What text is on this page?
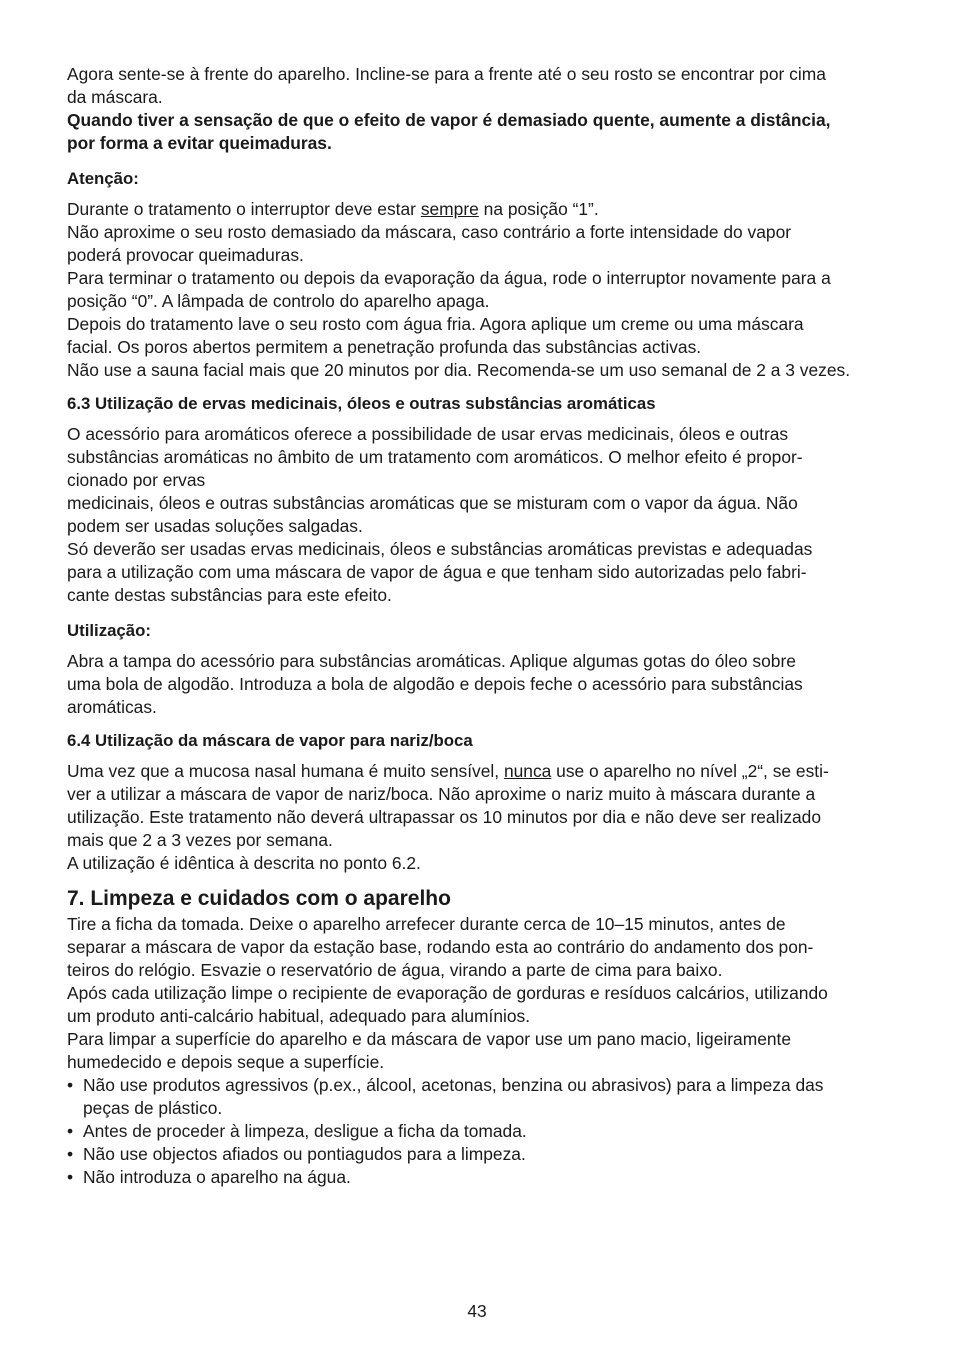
Agora sente-se à frente do aparelho. Incline-se para a frente até o seu rosto se encontrar por cima

da máscara.

Quando tiver a sensação de que o efeito de vapor é demasiado quente, aumente a distância,

por forma a evitar queimaduras.

Atenção:

Durante o tratamento o interruptor deve estar sempre na posição “1”.

Não aproxime o seu rosto demasiado da máscara, caso contrário a forte intensidade do vapor

poderá provocar queimaduras.

Para terminar o tratamento ou depois da evaporação da água, rode o interruptor novamente para a

posição “0”. A lâmpada de controlo do aparelho apaga.

Depois do tratamento lave o seu rosto com água fria. Agora aplique um creme ou uma máscara

facial. Os poros abertos permitem a penetração profunda das substâncias activas.

Não use a sauna facial mais que 20 minutos por dia. Recomenda-se um uso semanal de 2 a 3 vezes.

6.3 Utilização de ervas medicinais, óleos e outras substâncias aromáticas

O acessório para aromáticos oferece a possibilidade de usar ervas medicinais, óleos e outras

substâncias aromáticas no âmbito de um tratamento com aromáticos. O melhor efeito é propor-

cionado por ervas

medicinais, óleos e outras substâncias aromáticas que se misturam com o vapor da água. Não

podem ser usadas soluções salgadas.

Só deverão ser usadas ervas medicinais, óleos e substâncias aromáticas previstas e adequadas

para a utilização com uma máscara de vapor de água e que tenham sido autorizadas pelo fabri-

cante destas substâncias para este efeito.

Utilização:

Abra a tampa do acessório para substâncias aromáticas. Aplique algumas gotas do óleo sobre

uma bola de algodão. Introduza a bola de algodão e depois feche o acessório para substâncias

aromáticas.

6.4 Utilização da máscara de vapor para nariz/boca

Uma vez que a mucosa nasal humana é muito sensível, nunca use o aparelho no nível „2“, se esti-

ver a utilizar a máscara de vapor de nariz/boca. Não aproxime o nariz muito à máscara durante a

utilização. Este tratamento não deverá ultrapassar os 10 minutos por dia e não deve ser realizado

mais que 2 a 3 vezes por semana.

A utilização é idêntica à descrita no ponto 6.2.

7. Limpeza e cuidados com o aparelho

Tire a ficha da tomada. Deixe o aparelho arrefecer durante cerca de 10–15 minutos, antes de

separar a máscara de vapor da estação base, rodando esta ao contrário do andamento dos pon-

teiros do relógio. Esvazie o reservatório de água, virando a parte de cima para baixo.

Após cada utilização limpe o recipiente de evaporação de gorduras e resíduos calcários, utilizando

um produto anti-calcário habitual, adequado para alumínios.

Para limpar a superfície do aparelho e da máscara de vapor use um pano macio, ligeiramente

humedecido e depois seque a superfície.

• Não use produtos agressivos (p.ex., álcool, acetonas, benzina ou abrasivos) para a limpeza das

peças de plástico.

• Antes de proceder à limpeza, desligue a ficha da tomada.

• Não use objectos afiados ou pontiagudos para a limpeza.

• Não introduza o aparelho na água.

43
